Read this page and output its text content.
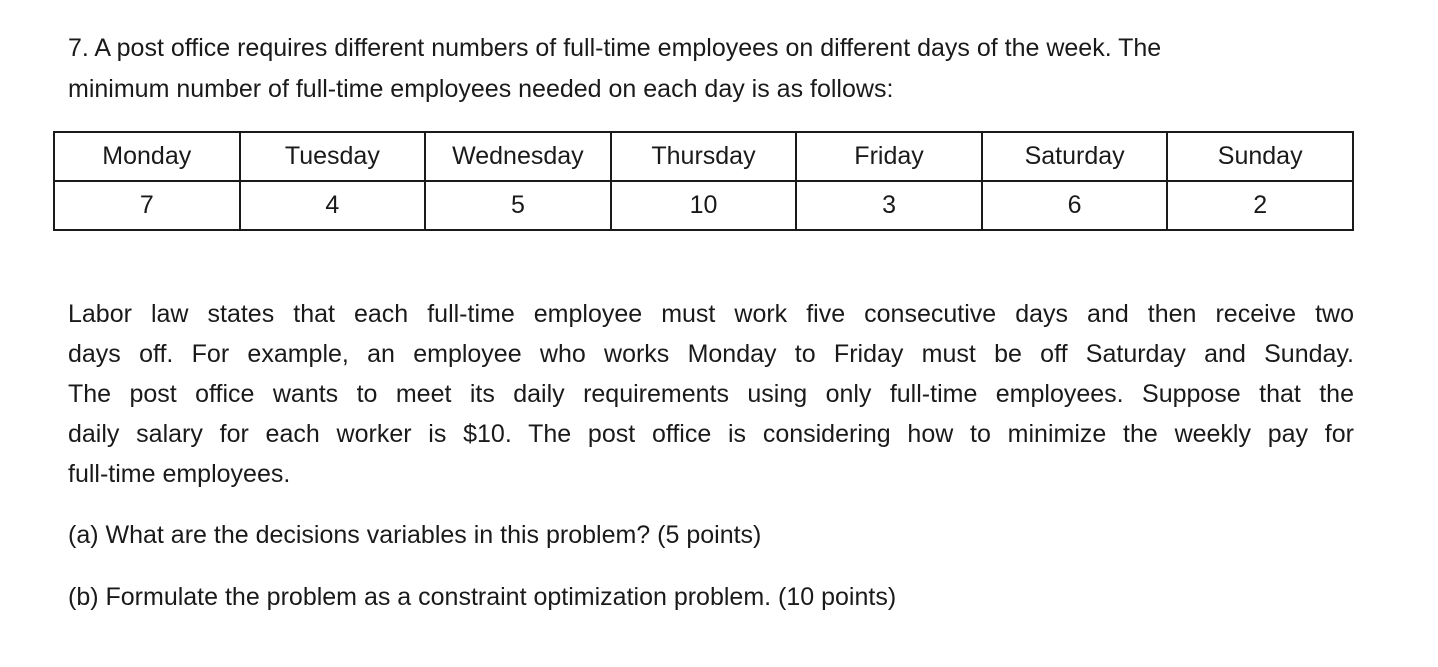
7. A post office requires different numbers of full-time employees on different days of the week. The
minimum number of full-time employees needed on each day is as follows:

Monday	Tuesday	Wednesday	Thursday	Friday	Saturday	Sunday
7	4	5	10	3	6	2

Labor law states that each full-time employee must work five consecutive days and then receive two
days off. For example, an employee who works Monday to Friday must be off Saturday and Sunday.
The post office wants to meet its daily requirements using only full-time employees. Suppose that the
daily salary for each worker is $10. The post office is considering how to minimize the weekly pay for
full-time employees.

(a) What are the decisions variables in this problem? (5 points)

(b) Formulate the problem as a constraint optimization problem. (10 points)
